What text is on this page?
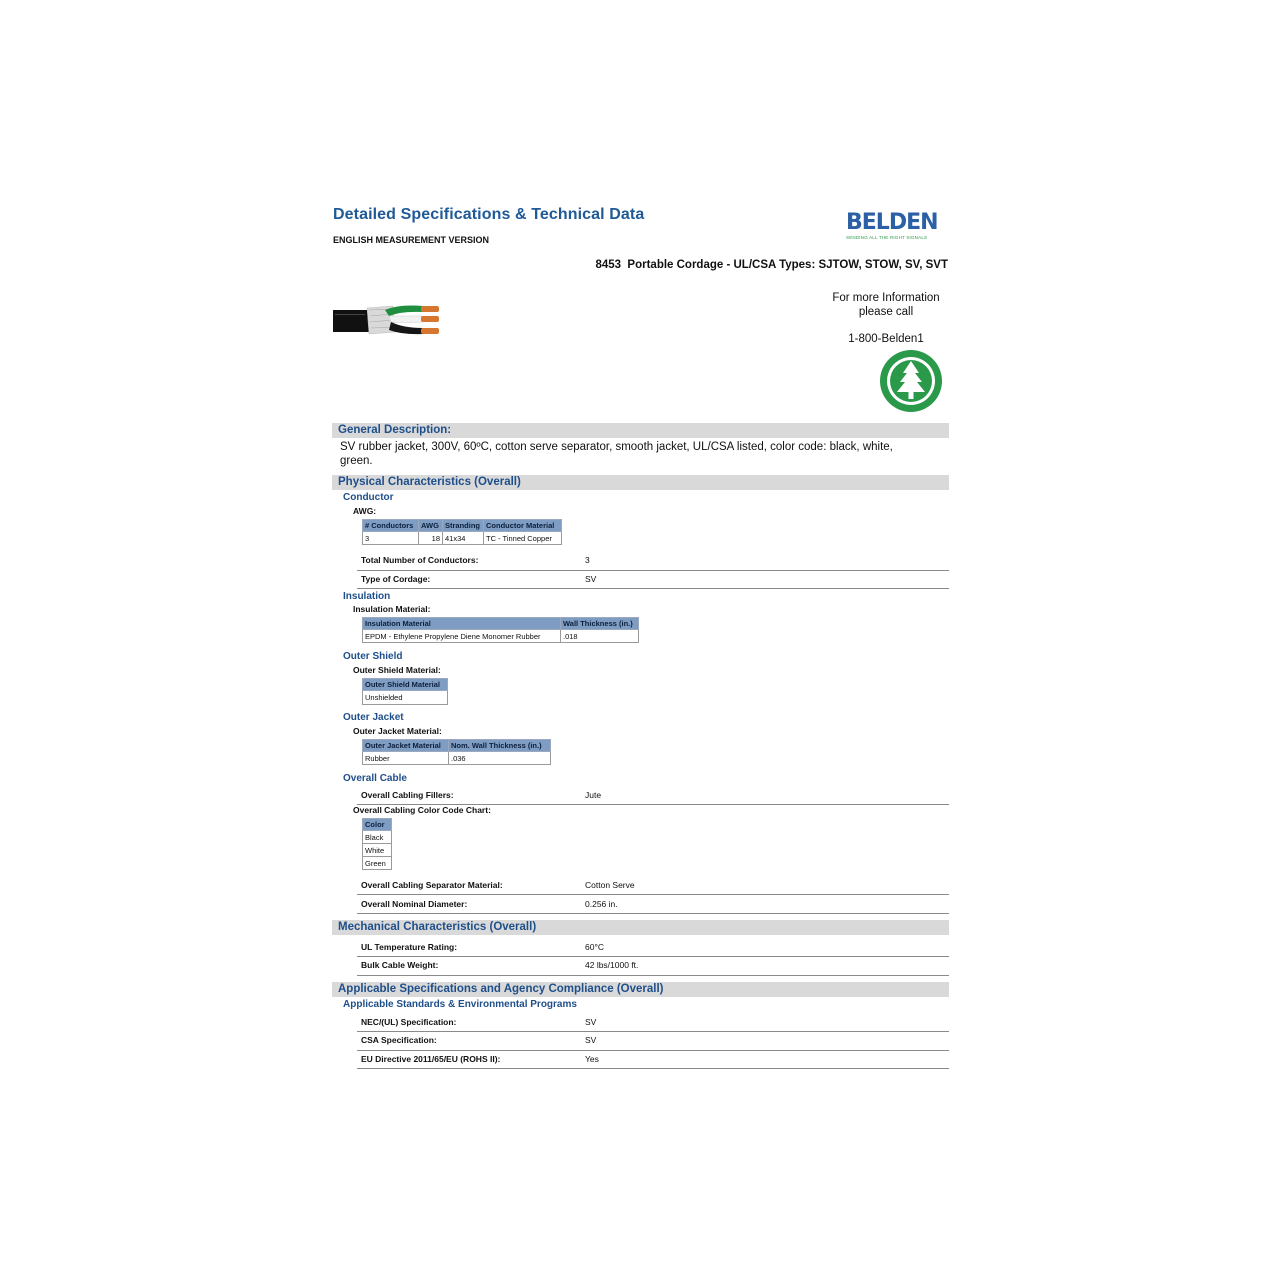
Detailed Specifications & Technical Data
ENGLISH MEASUREMENT VERSION
BELDEN
SENDING ALL THE RIGHT SIGNALS
8453 Portable Cordage - UL/CSA Types: SJTOW, STOW, SV, SVT
For more Information
please call
1-800-Belden1
General Description:
SV rubber jacket, 300V, 60ºC, cotton serve separator, smooth jacket, UL/CSA listed, color code: black, white, green.
Physical Characteristics (Overall)
Conductor
AWG:
# Conductors	AWG	Stranding	Conductor Material
3	18	41x34	TC - Tinned Copper
Total Number of Conductors:	3
Type of Cordage:	SV
Insulation
Insulation Material:
Insulation Material	Wall Thickness (in.)
EPDM - Ethylene Propylene Diene Monomer Rubber	.018
Outer Shield
Outer Shield Material:
Outer Shield Material
Unshielded
Outer Jacket
Outer Jacket Material:
Outer Jacket Material	Nom. Wall Thickness (in.)
Rubber	.036
Overall Cable
Overall Cabling Fillers:	Jute
Overall Cabling Color Code Chart:
Color
Black
White
Green
Overall Cabling Separator Material:	Cotton Serve
Overall Nominal Diameter:	0.256 in.
Mechanical Characteristics (Overall)
UL Temperature Rating:	60°C
Bulk Cable Weight:	42 lbs/1000 ft.
Applicable Specifications and Agency Compliance (Overall)
Applicable Standards & Environmental Programs
NEC/(UL) Specification:	SV
CSA Specification:	SV
EU Directive 2011/65/EU (ROHS II):	Yes
